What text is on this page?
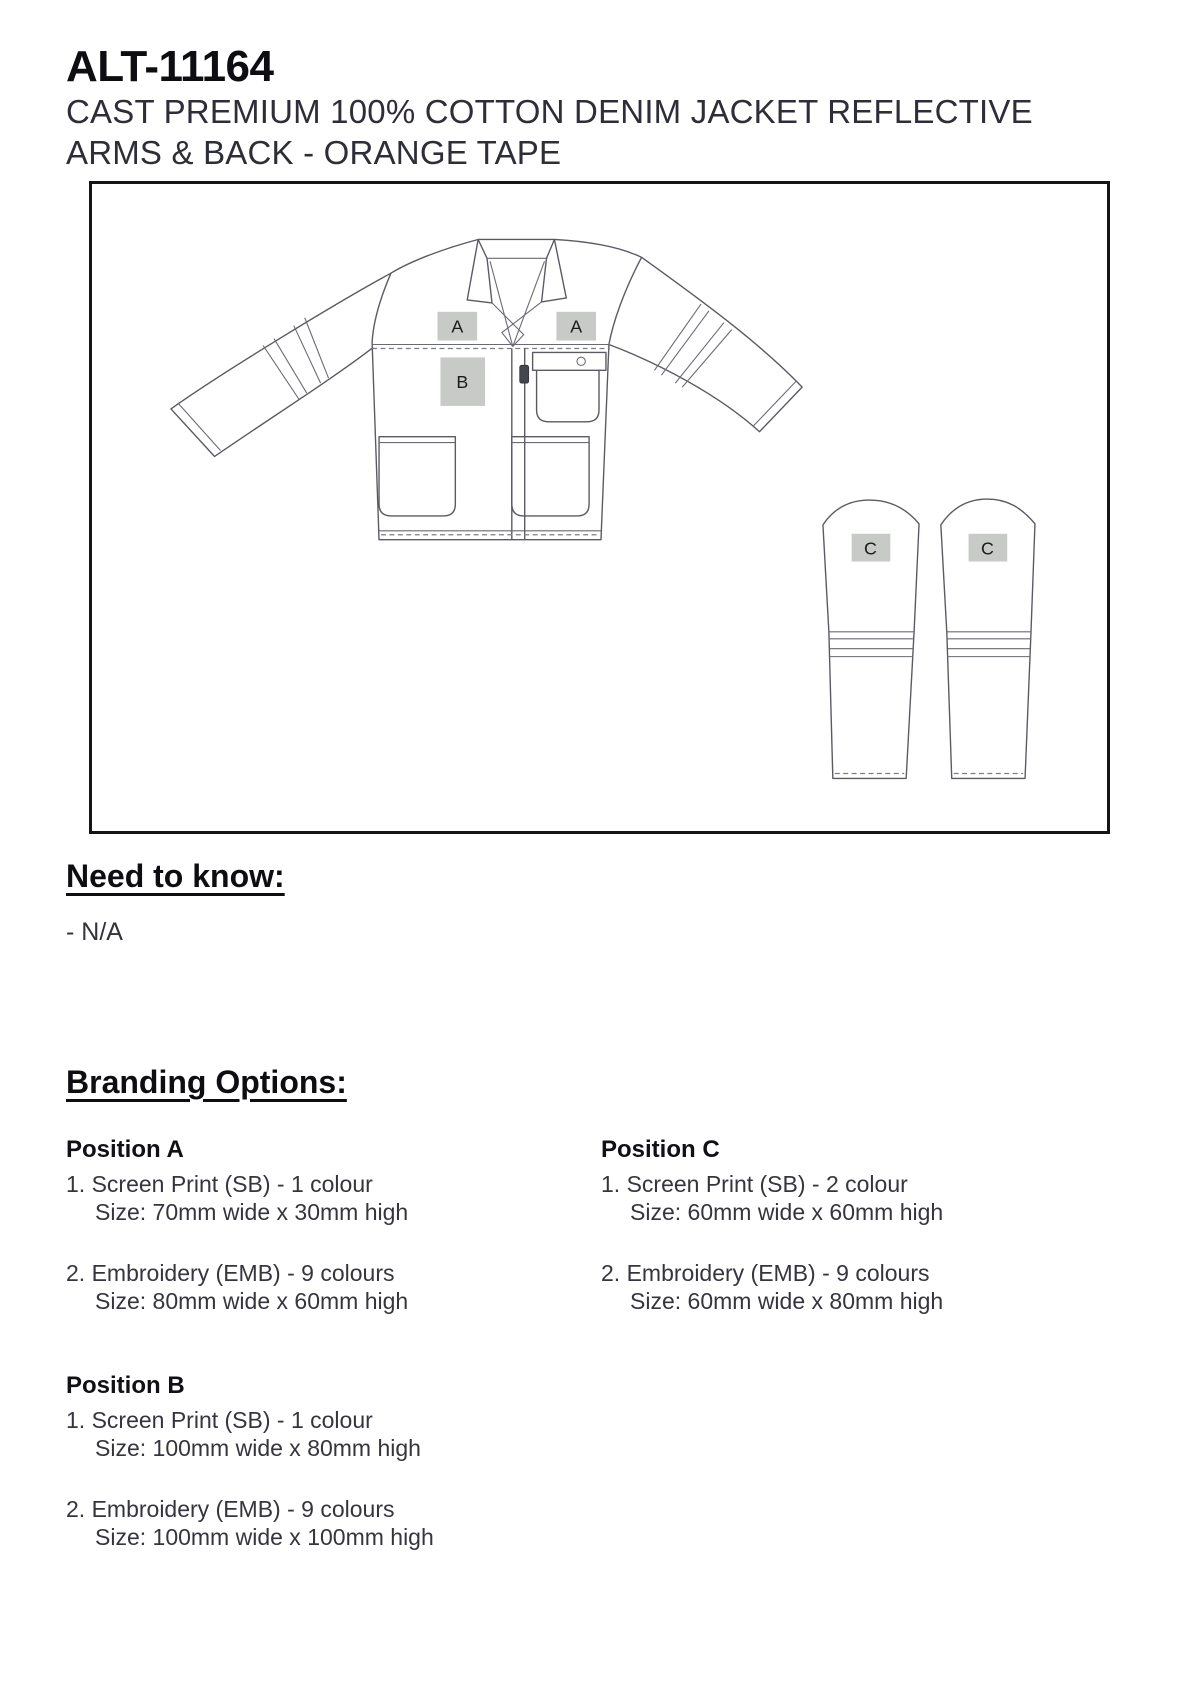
ALT-11164
CAST PREMIUM 100% COTTON DENIM JACKET REFLECTIVE
ARMS & BACK - ORANGE TAPE
A	A
B
C	C
Need to know:
- N/A
Branding Options:
Position A
1. Screen Print (SB) - 1 colour
Size: 70mm wide x 30mm high
2. Embroidery (EMB) - 9 colours
Size: 80mm wide x 60mm high
Position C
1. Screen Print (SB) - 2 colour
Size: 60mm wide x 60mm high
2. Embroidery (EMB) - 9 colours
Size: 60mm wide x 80mm high
Position B
1. Screen Print (SB) - 1 colour
Size: 100mm wide x 80mm high
2. Embroidery (EMB) - 9 colours
Size: 100mm wide x 100mm high
